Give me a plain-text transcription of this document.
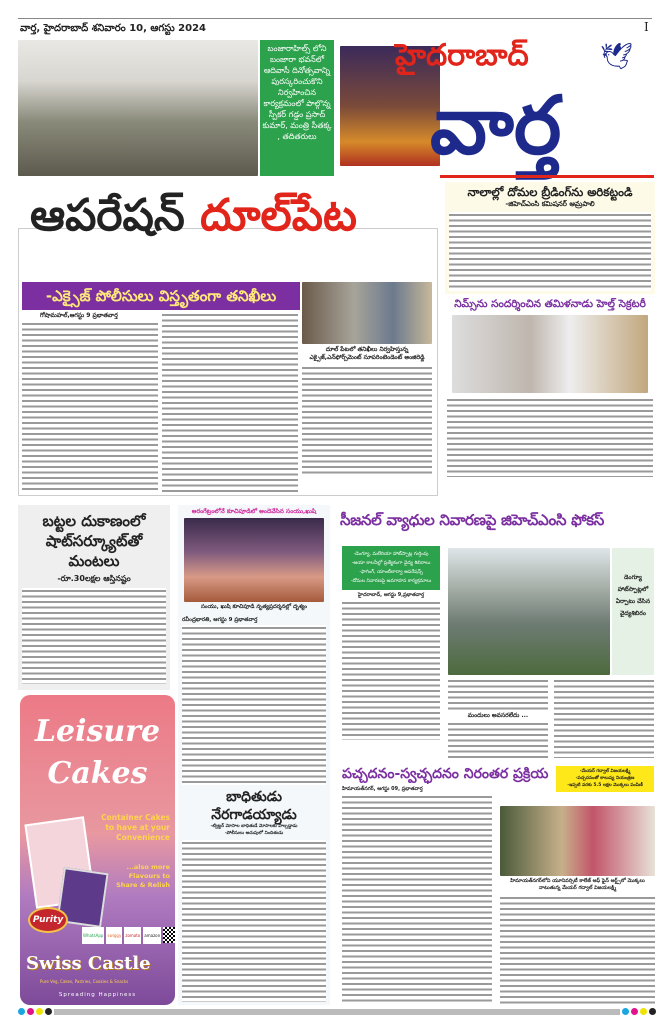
వార్త, హైదరాబాద్ శనివారం 10, ఆగస్టు 2024	I
బంజారాహిల్స్ లోని బంజారా భవన్‌లో ఆదివాసీ దినోత్సవాన్ని పురస్కరించుకొని నిర్వహించిన కార్యక్రమంలో పాల్గొన్న స్పీకర్ గడ్డం ప్రసాద్ కుమార్, మంత్రి సీతక్క , తదితరులు
హైదరాబాద్	🕊
వార్త
ఆపరేషన్ దూల్‌పేట
-ఎక్సైజ్ పోలీసులు విస్తృతంగా తనిఖీలు
దూల్ పేటలో తనిఖీలు నిర్వహిస్తున్న ఎక్సైజ్,ఎన్‌ఫోర్స్‌మెంట్ సూపరింటెండెంట్ అంజిరెడ్డి
గోషామహల్,ఆగస్టు 9 ప్రభాతవార్త
నాలాల్లో దోమల బ్రీడింగ్‌ను అరికట్టండి
-జిహెచ్ఎంసి కమిషనర్ ఆమ్రపాలి
నిమ్స్‌ను సందర్శించిన తమిళనాడు హెల్త్ సెక్రటరీ
బట్టల దుకాణంలో
షాట్‌సర్క్యూట్‌తో మంటలు
-రూ.30లక్షల ఆస్తినష్టం
Leisure
Cakes
Container Cakes to have at your Convenience
...also more Flavours to Share & Relish
Purity
WhatsApp swiggy zomato amazon
Swiss Castle
Pure Veg, Cakes, Pastries, Cookies & Snacks
Spreading Happiness
ఆరంగేట్రంలోనే కూచిపూడిలో అందెవేసిన సంయు,ఖుషి
సంయు, ఖుషి కూచిపూడి నృత్యప్రదర్శనల్లో దృశ్యం
రవీంద్రభారతి, ఆగస్టు 9 ప్రభాతవార్త
బాధితుడు నేరగాడయ్యాడు
-ట్విట్టర్‌ మోసాల బాధితుడే మోసాలకు పాల్పడ్డాడు
-పోలీసులు అదుపులో నిందితుడు
సీజనల్ వ్యాధుల నివారణపై జిహెచ్ఎంసి ఫోకస్
-డెంగ్యూ, మలేరియా హాట్‌స్పాట్ల గుర్తింపు
-ఆయా కాలనీల్లో ప్రత్యేకంగా వైద్య శిబిరాలు
-ఫాగింగ్, యాంటీలార్వా ఆపరేషన్స్
-దోమల నివారణపై అవగాహన కార్యక్రమాలు
హైదరాబాద్, ఆగస్టు 9,ప్రభాతవార్త
డెంగ్యూ హాట్‌స్పాట్లలో ఏర్పాటు చేసిన వైద్యశిబిరం
మందులు అవసరలేదు ...
పచ్చదనం-స్వచ్ఛదనం నిరంతర ప్రక్రియ
హిమాయత్‌నగర్, ఆగస్టు 09, ప్రభాతవార్త
-మేయర్ గద్వాల్ విజయలక్ష్మి
-పచ్చదనంతో కాలుష్య నియంత్రణ
-ఇప్పటి వరకు 5.5 లక్షల మొక్కలు పంపిణీ
హిమాయత్‌నగర్‌లోని యూనివర్సిటీ కాలేజ్ ఆఫ్ ఫైన్ ఆర్ట్స్‌లో మొక్కలు నాటుతున్న మేయర్ గద్వాల్ విజయలక్ష్మి
